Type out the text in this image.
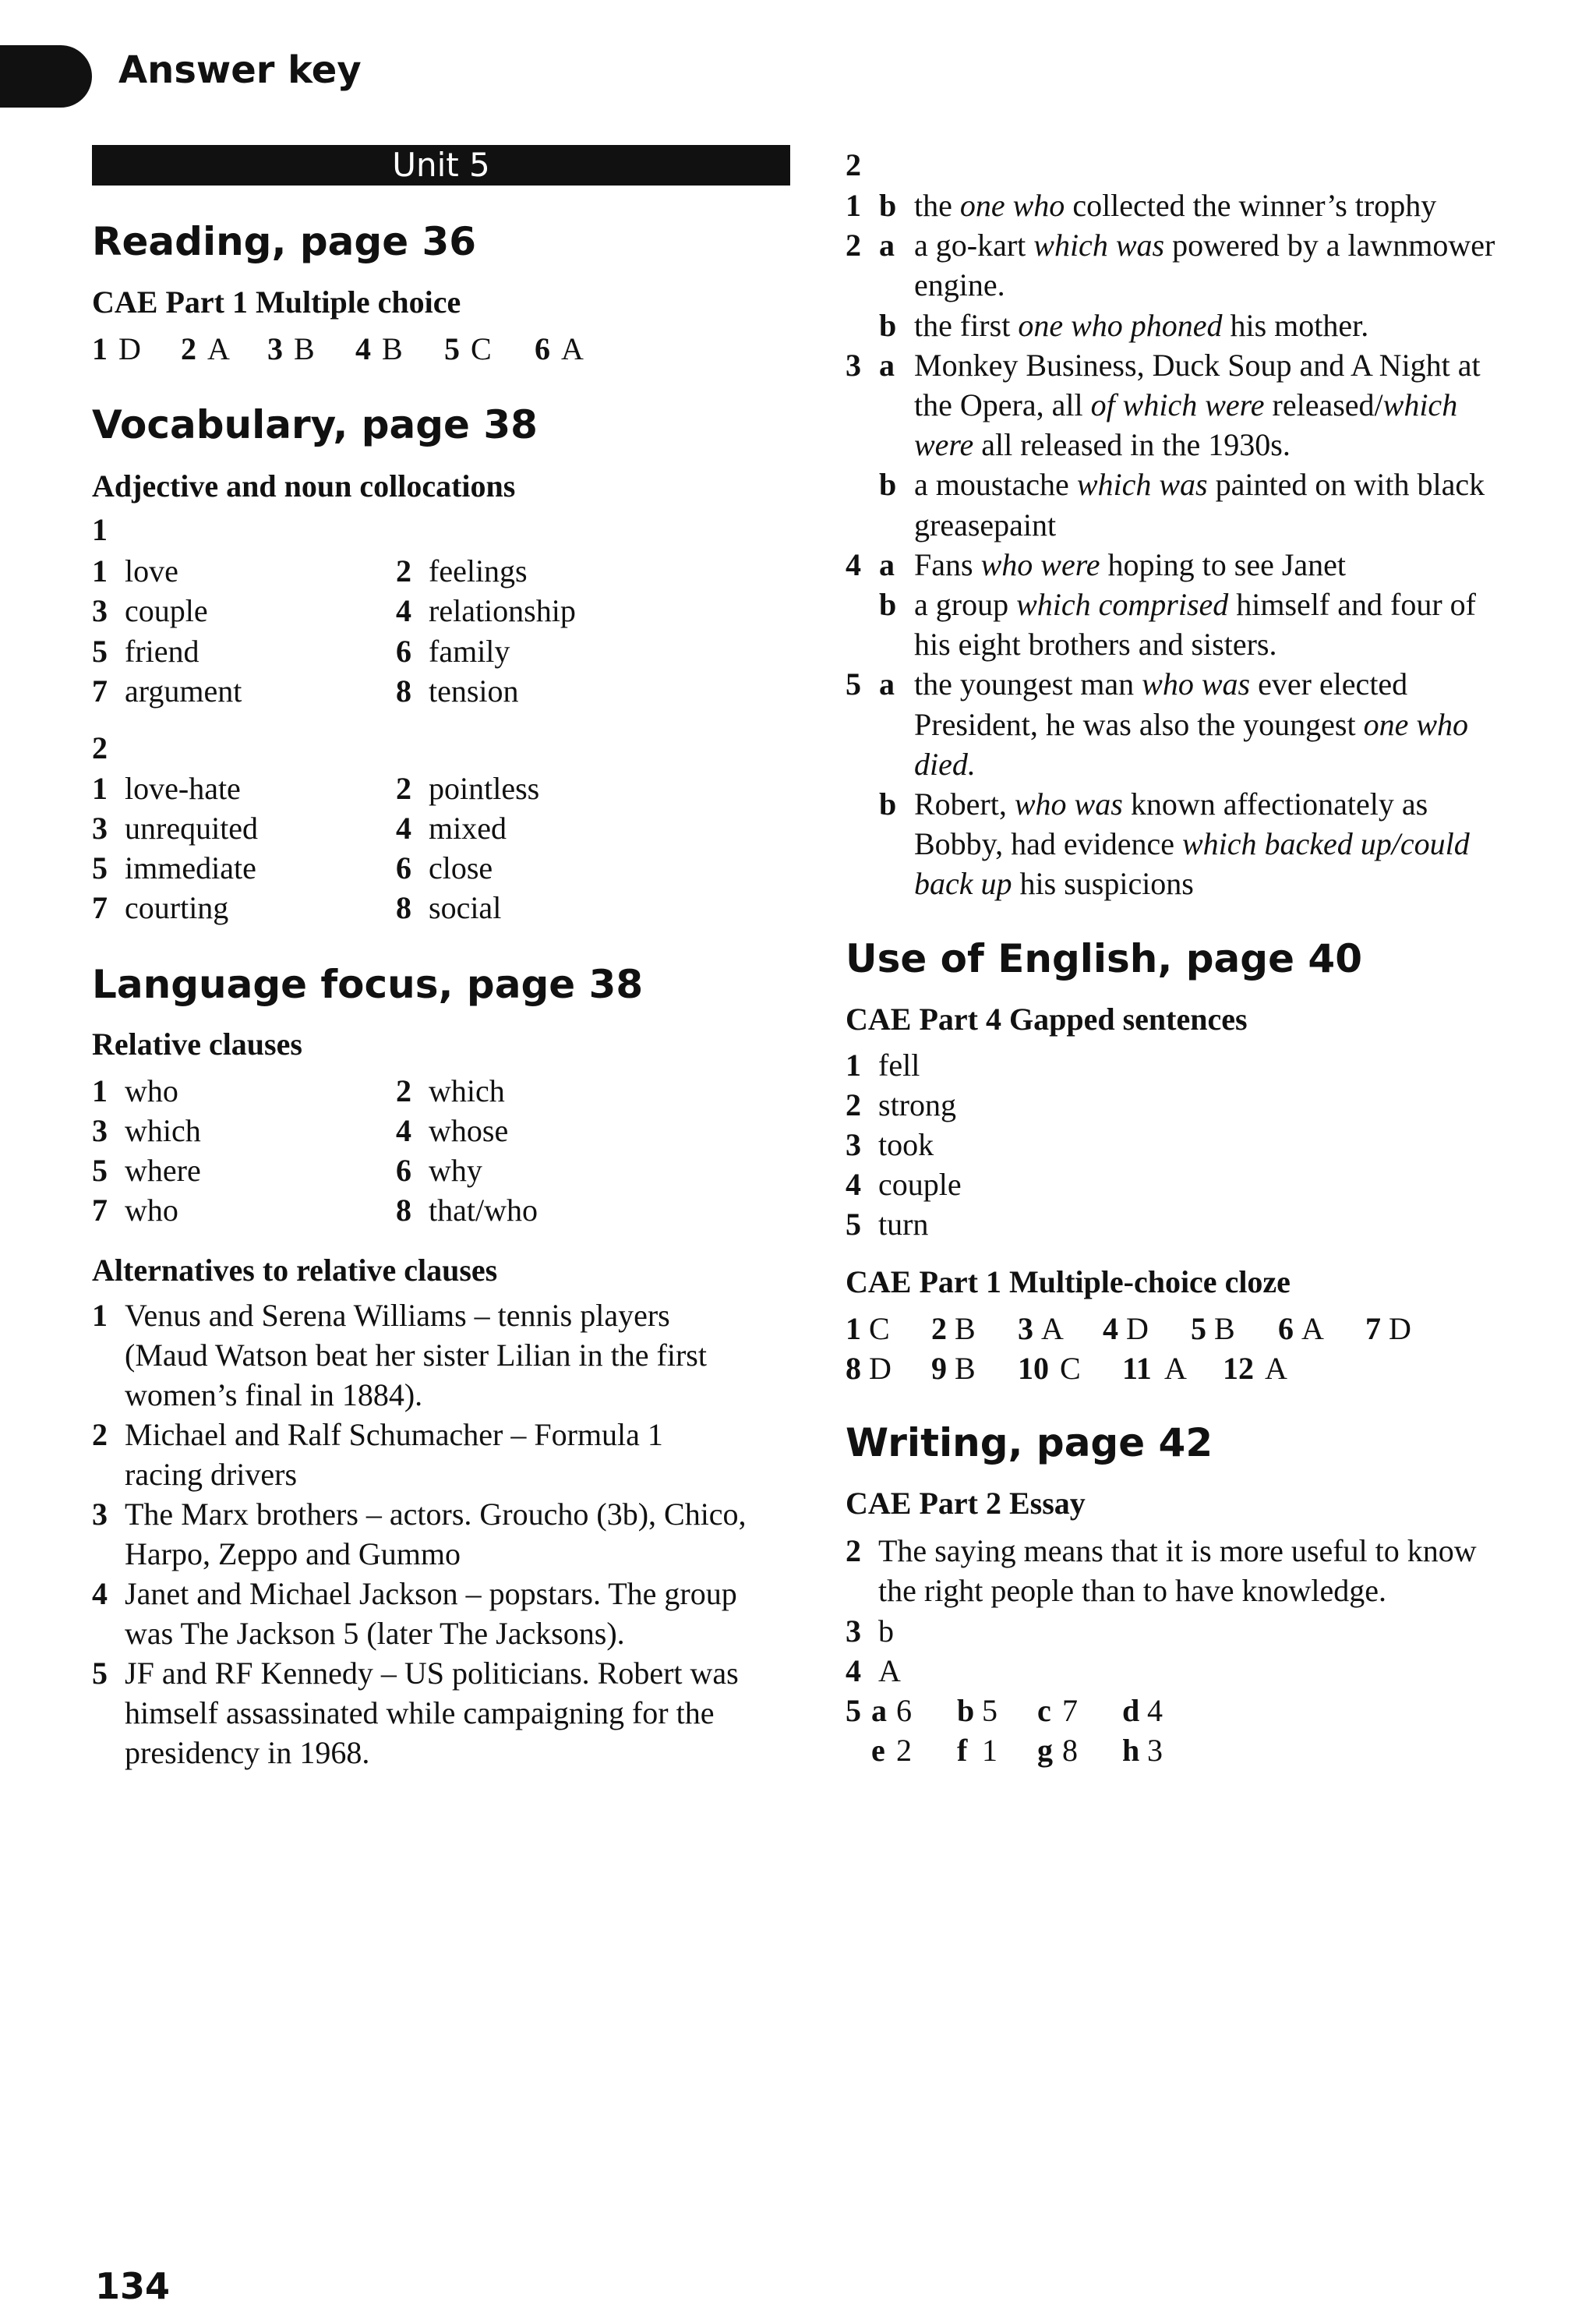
Answer key
Unit 5
Reading, page 36
CAE Part 1 Multiple choice
1 D 2 A 3 B 4 B 5 C 6 A
Vocabulary, page 38
Adjective and noun collocations
1
1 love	2 feelings
3 couple	4 relationship
5 friend	6 family
7 argument	8 tension
2
1 love-hate	2 pointless
3 unrequited	4 mixed
5 immediate	6 close
7 courting	8 social
Language focus, page 38
Relative clauses
1 who	2 which
3 which	4 whose
5 where	6 why
7 who	8 that/who
Alternatives to relative clauses
1 Venus and Serena Williams – tennis players
(Maud Watson beat her sister Lilian in the first
women’s final in 1884).
2 Michael and Ralf Schumacher – Formula 1
racing drivers
3 The Marx brothers – actors. Groucho (3b), Chico,
Harpo, Zeppo and Gummo
4 Janet and Michael Jackson – popstars. The group
was The Jackson 5 (later The Jacksons).
5 JF and RF Kennedy – US politicians. Robert was
himself assassinated while campaigning for the
presidency in 1968.
2
1 b the one who collected the winner’s trophy
2 a a go-kart which was powered by a lawnmower
engine.
b the first one who phoned his mother.
3 a Monkey Business, Duck Soup and A Night at
the Opera, all of which were released/which
were all released in the 1930s.
b a moustache which was painted on with black
greasepaint
4 a Fans who were hoping to see Janet
b a group which comprised himself and four of
his eight brothers and sisters.
5 a the youngest man who was ever elected
President, he was also the youngest one who
died.
b Robert, who was known affectionately as
Bobby, had evidence which backed up/could
back up his suspicions
Use of English, page 40
CAE Part 4 Gapped sentences
1 fell
2 strong
3 took
4 couple
5 turn
CAE Part 1 Multiple-choice cloze
1 C 2 B 3 A 4 D 5 B 6 A 7 D
8 D 9 B 10 C 11 A 12 A
Writing, page 42
CAE Part 2 Essay
2 The saying means that it is more useful to know
the right people than to have knowledge.
3 b
4 A
5 a 6 b 5 c 7 d 4
e 2 f 1 g 8 h 3
134
